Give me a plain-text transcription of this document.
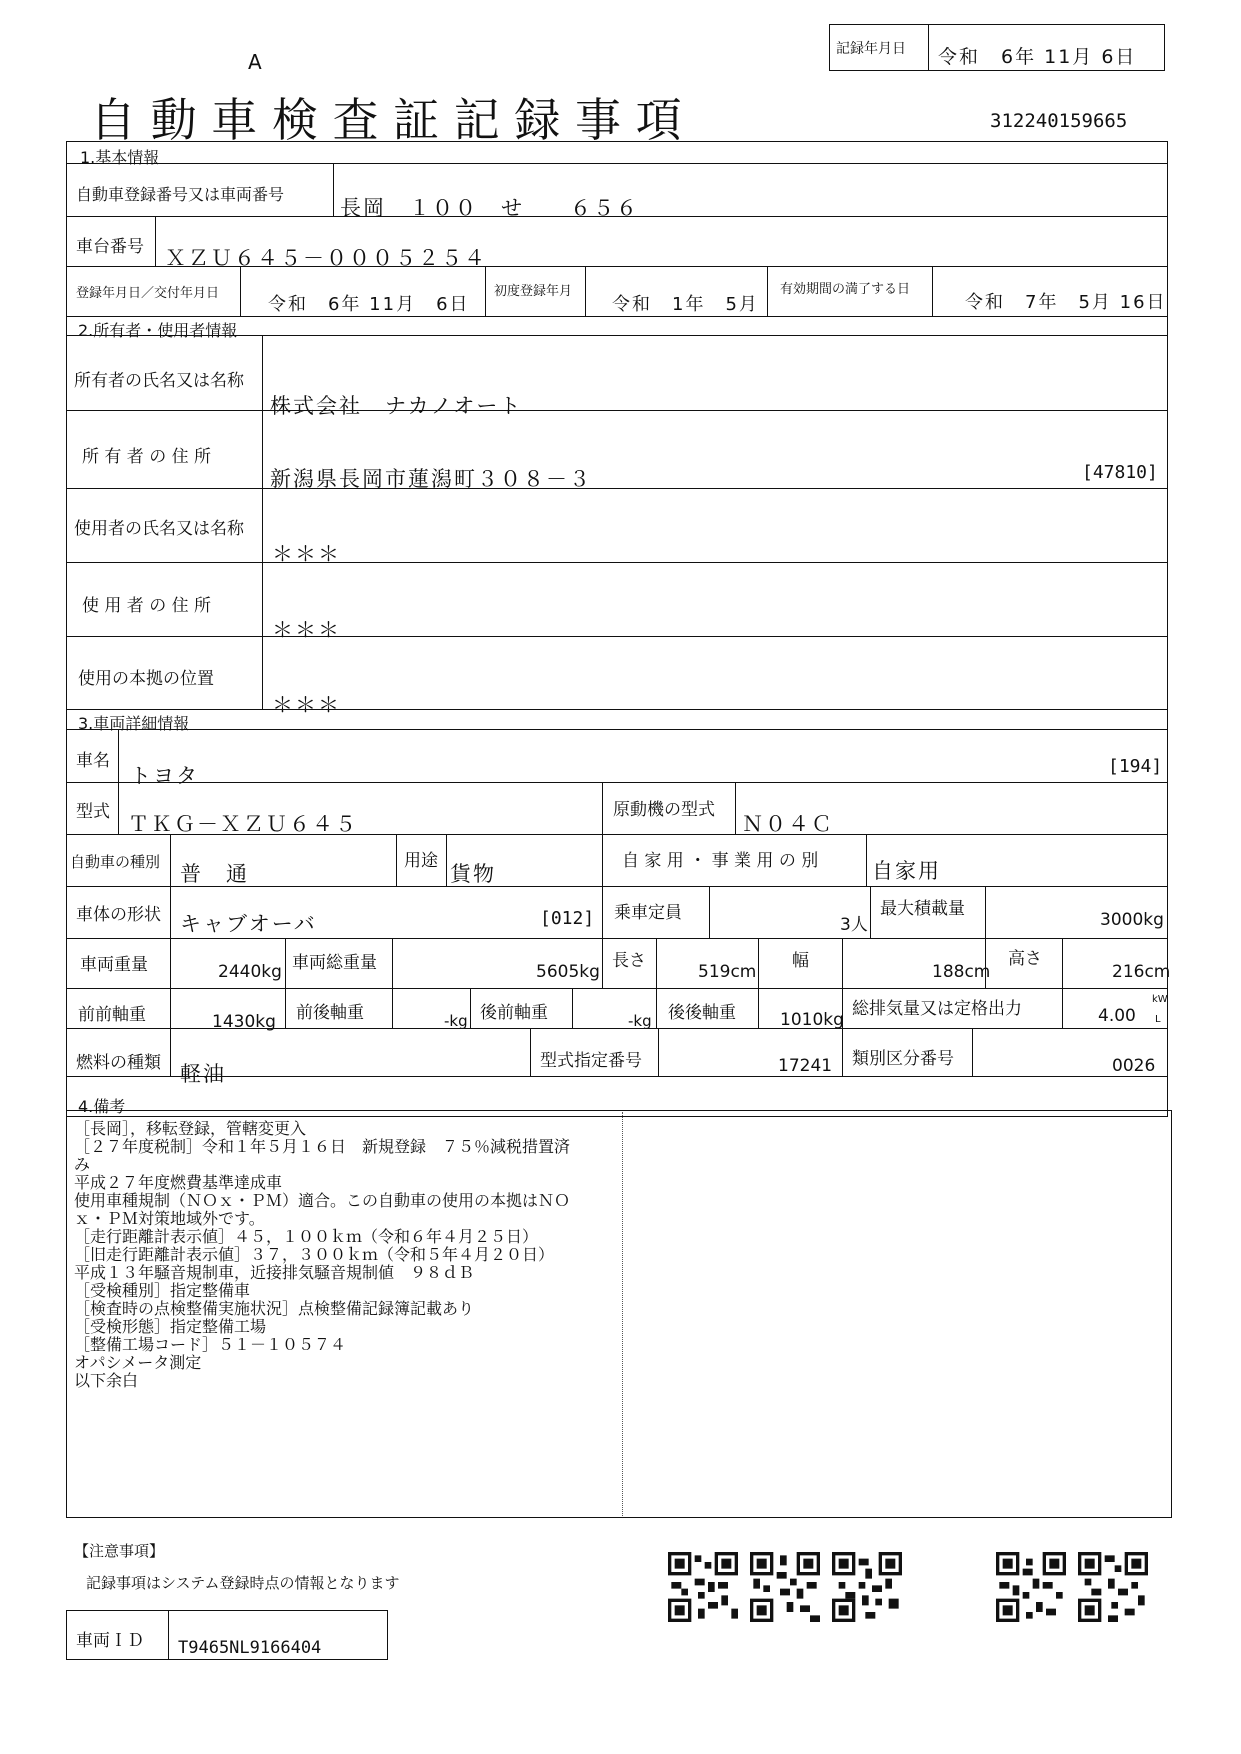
記録年月日 令和　6年 11月 6日
A
自 動 車 検 査 証 記 録 事 項	312240159665
1.基本情報
自動車登録番号又は車両番号
長岡　１００　せ　　６５６
車台番号 ＸＺＵ６４５－０００５２５４
登録年月日／交付年月日
令和　6年 11月　6日
初度登録年月
令和　1年　5月
有効期間の満了する日
令和　7年　5月 16日
2.所有者・使用者情報
所有者の氏名又は名称
株式会社　ナカノオート
所 有 者 の 住 所
新潟県長岡市蓮潟町３０８－３	[47810]
使用者の氏名又は名称
＊＊＊
使 用 者 の 住 所
＊＊＊
使用の本拠の位置
＊＊＊
3.車両詳細情報
車名
トヨタ	[194]
型式 ＴＫＧ－ＸＺＵ６４５
原動機の型式
Ｎ０４Ｃ
自動車の種別 普　通
用途
貨物
自 家 用 ・ 事 業 用 の 別	自家用
車体の形状 キャブオーバ	[012] 乗車定員
3人
最大積載量
3000kg
車両重量	2440kg 車両総重量	5605kg
長さ
519cm
幅
188cm
高さ
216cm
前前軸重	1430kg 前後軸重	-kg 後前軸重	-kg 後後軸重	1010kg
総排気量又は定格出力	4.00
kW
L
燃料の種類 軽油
型式指定番号	17241 類別区分番号	0026
4.備考
［長岡］，移転登録，管轄変更入
［２７年度税制］令和１年５月１６日　新規登録　７５％減税措置済
み
平成２７年度燃費基準達成車
使用車種規制（ＮＯｘ・ＰＭ）適合。この自動車の使用の本拠はＮＯ
ｘ・ＰＭ対策地域外です。
［走行距離計表示値］４５，１００ｋｍ（令和６年４月２５日）
［旧走行距離計表示値］３７，３００ｋｍ（令和５年４月２０日）
平成１３年騒音規制車，近接排気騒音規制値　９８ｄＢ
［受検種別］指定整備車
［検査時の点検整備実施状況］点検整備記録簿記載あり
［受検形態］指定整備工場
［整備工場コード］５１－１０５７４
オパシメータ測定
以下余白
【注意事項】
記録事項はシステム登録時点の情報となります
車両ＩＤ T9465NL9166404
